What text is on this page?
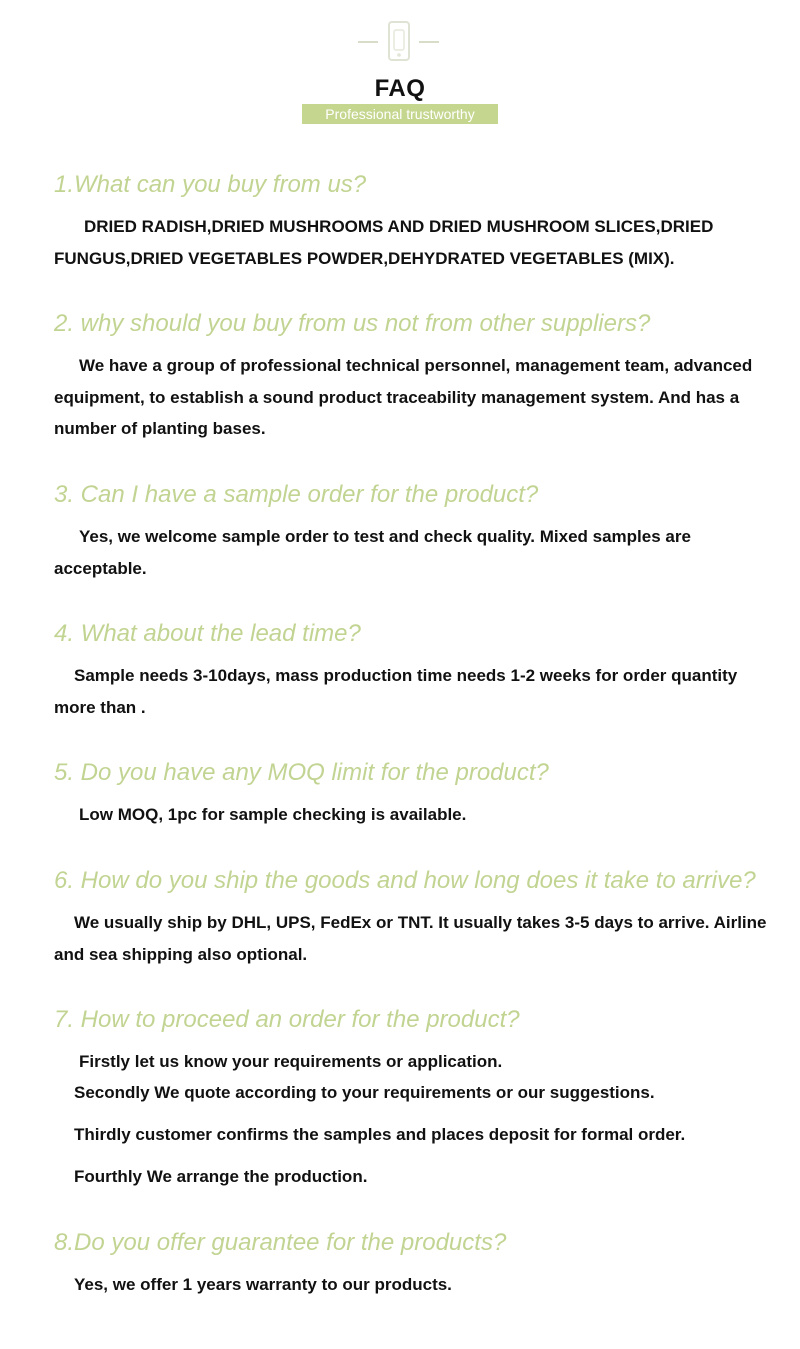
FAQ
Professional trustworthy
1.What can you buy from us?

DRIED RADISH,DRIED MUSHROOMS AND DRIED MUSHROOM SLICES,DRIED FUNGUS,DRIED VEGETABLES POWDER,DEHYDRATED VEGETABLES (MIX).

2. why should you buy from us not from other suppliers?

We have a group of professional technical personnel, management team, advanced equipment, to establish a sound product traceability management system. And has a number of planting bases.

3. Can I have a sample order for the product?

Yes, we welcome sample order to test and check quality. Mixed samples are acceptable.

4. What about the lead time?

Sample needs 3-10days, mass production time needs 1-2 weeks for order quantity more than .

5. Do you have any MOQ limit for the product?

Low MOQ, 1pc for sample checking is available.

6. How do you ship the goods and how long does it take to arrive?

We usually ship by DHL, UPS, FedEx or TNT. It usually takes 3-5 days to arrive. Airline and sea shipping also optional.

7. How to proceed an order for the product?

Firstly let us know your requirements or application.

Secondly We quote according to your requirements or our suggestions.

Thirdly customer confirms the samples and places deposit for formal order.

Fourthly We arrange the production.

8.Do you offer guarantee for the products?

Yes, we offer 1 years warranty to our products.
